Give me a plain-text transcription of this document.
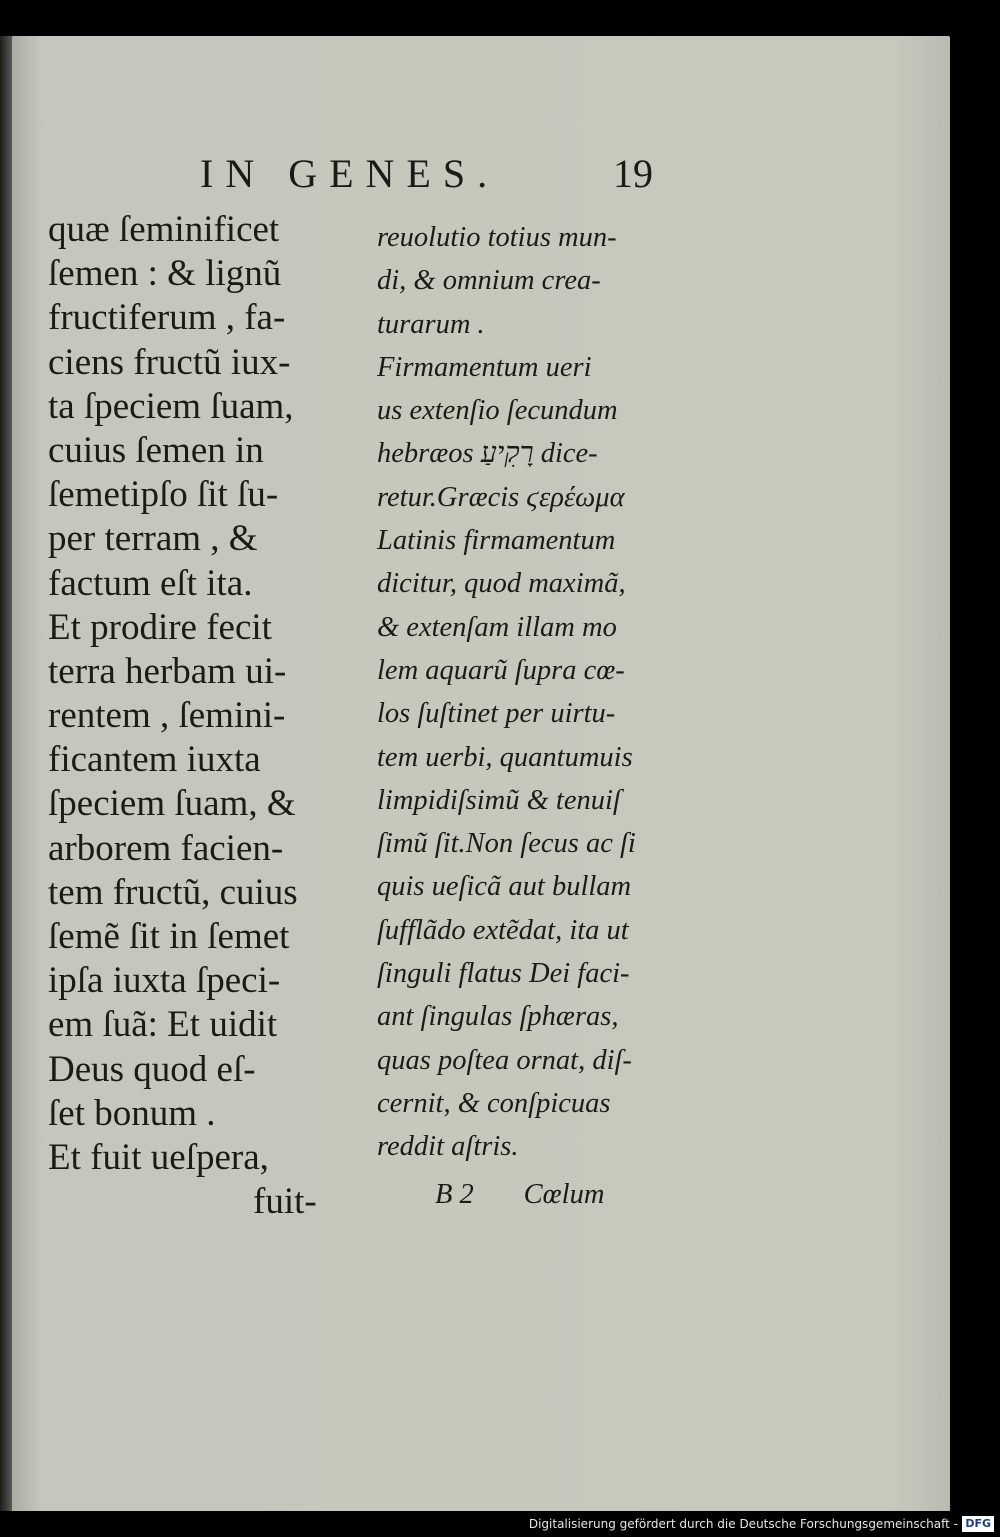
IN GENES.	19
quæ ſeminificet
ſemen : & lignũ
fructiferum , fa-
ciens fructũ iux-
ta ſpeciem ſuam,
cuius ſemen in
ſemetipſo ſit ſu-
per terram , &
factum eſt ita.
Et prodire fecit
terra herbam ui-
rentem , ſemini-
ficantem iuxta
ſpeciem ſuam, &
arborem facien-
tem fructũ, cuius
ſemẽ ſit in ſemet
ipſa iuxta ſpeci-
em ſuã: Et uidit
Deus quod eſ-
ſet bonum .
Et fuit ueſpera,
fuit-
reuolutio totius mun-
di, & omnium crea-
turarum .
Firmamentum ueri
us extenſio ſecundum
hebræos רָקִיעַ dice-
retur.Græcis ϛερέωμα
Latinis firmamentum
dicitur, quod maximã,
& extenſam illam mo
lem aquarũ ſupra cœ-
los ſuſtinet per uirtu-
tem uerbi, quantumuis
limpidiſsimũ & tenuiſ
ſimũ ſit.Non ſecus ac ſi
quis ueſicã aut bullam
ſufflãdo extẽdat, ita ut
ſinguli flatus Dei faci-
ant ſingulas ſphæras,
quas poſtea ornat, diſ-
cernit, & conſpicuas
reddit aſtris.
B 2       Cœlum
Digitalisierung gefördert durch die Deutsche Forschungsgemeinschaft - DFG
